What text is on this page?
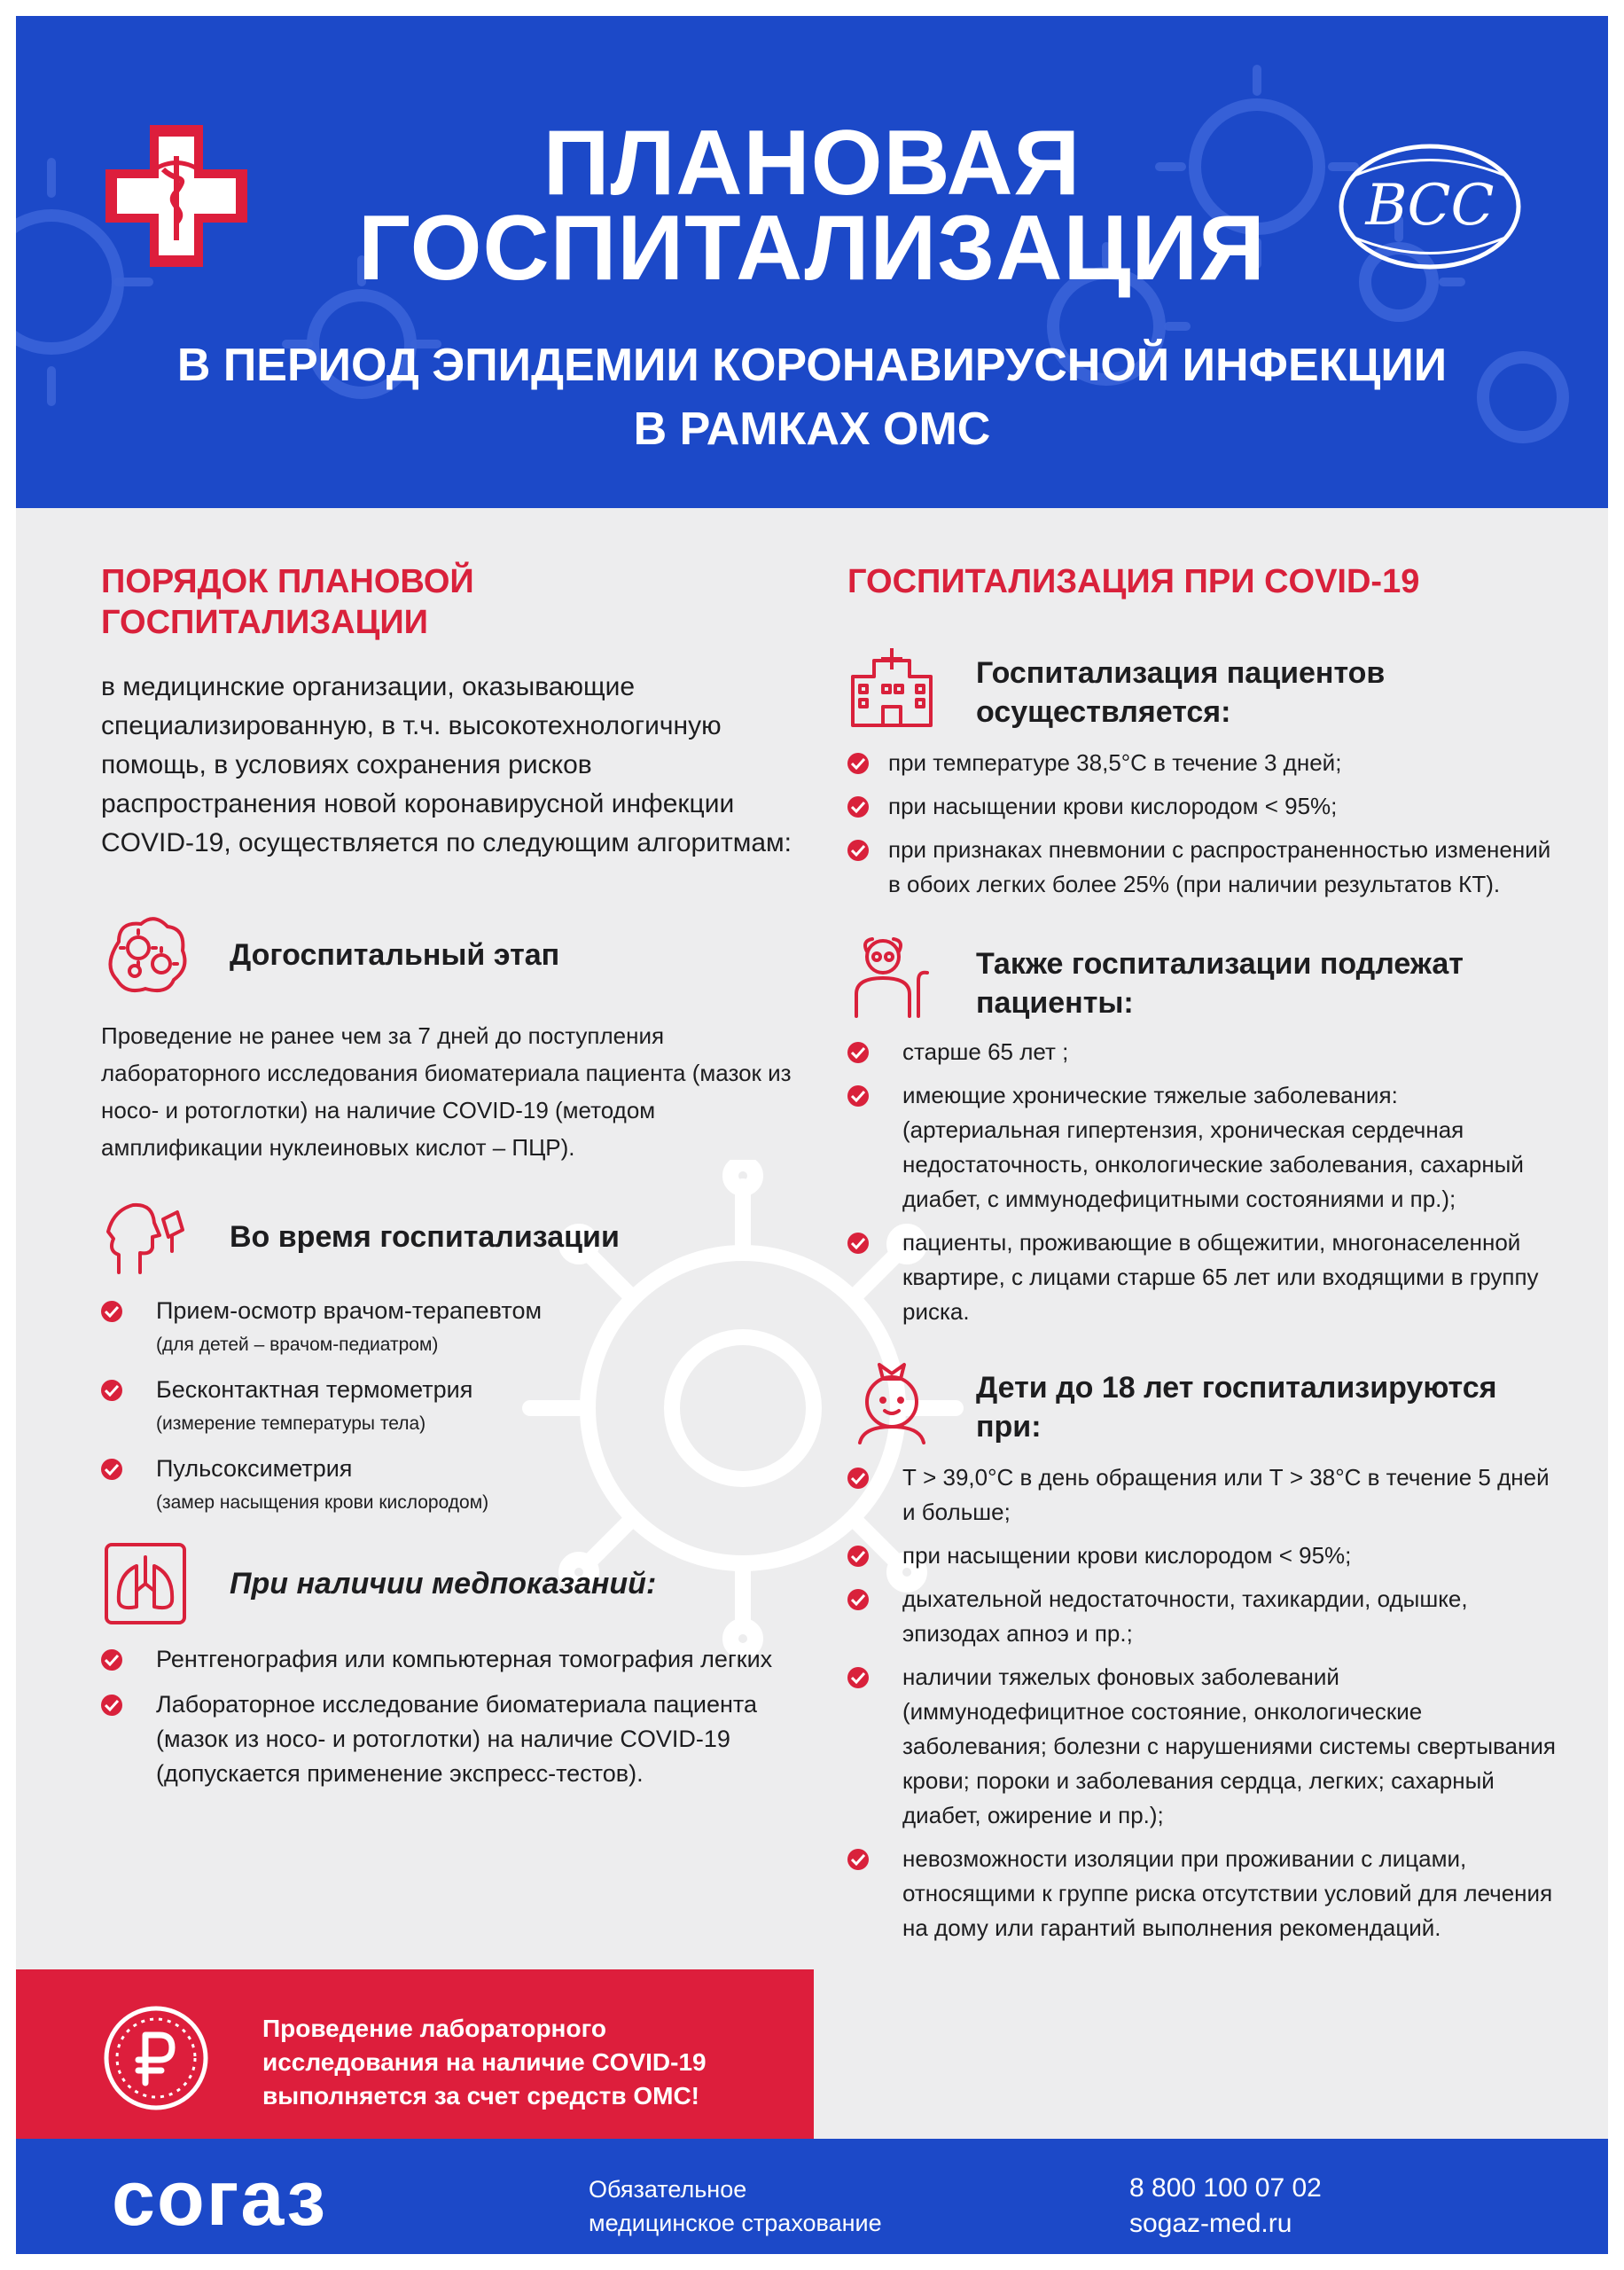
ВСС
ПЛАНОВАЯ
ГОСПИТАЛИЗАЦИЯ
В ПЕРИОД ЭПИДЕМИИ КОРОНАВИРУСНОЙ ИНФЕКЦИИ
В РАМКАХ ОМС
ПОРЯДОК ПЛАНОВОЙ
ГОСПИТАЛИЗАЦИИ
в медицинские организации, оказывающие специализированную, в т.ч. высокотехнологичную помощь, в условиях сохранения рисков распространения новой коронавирусной инфекции COVID-19, осуществляется по следующим алгоритмам:
Догоспитальный этап
Проведение не ранее чем за 7 дней до поступления лабораторного исследования биоматериала пациента (мазок из носо- и ротоглотки) на наличие COVID-19 (методом амплификации нуклеиновых кислот – ПЦР).
Во время госпитализации
Прием-осмотр врачом-терапевтом
(для детей – врачом-педиатром)
Бесконтактная термометрия
(измерение температуры тела)
Пульсоксиметрия
(замер насыщения крови кислородом)
При наличии медпоказаний:
Рентгенография или компьютерная томография легких
Лабораторное исследование биоматериала пациента (мазок из носо- и ротоглотки) на наличие COVID-19 (допускается применение экспресс-тестов).
ГОСПИТАЛИЗАЦИЯ ПРИ COVID-19
Госпитализация пациентов осуществляется:
при температуре 38,5°С в течение 3 дней;
при насыщении крови кислородом < 95%;
при признаках пневмонии с распространенностью изменений в обоих легких более 25% (при наличии результатов КТ).
Также госпитализации подлежат пациенты:
старше 65 лет ;
имеющие хронические тяжелые заболевания: (артериальная гипертензия, хроническая сердечная недостаточность, онкологические заболевания, сахарный диабет, с иммунодефицитными состояниями и пр.);
пациенты, проживающие в общежитии, многонаселенной квартире, с лицами старше 65 лет или входящими в группу риска.
Дети до 18 лет госпитализируются при:
Т > 39,0°С в день обращения или Т > 38°С в течение 5 дней и больше;
при насыщении крови кислородом < 95%;
дыхательной недостаточности, тахикардии, одышке, эпизодах апноэ и пр.;
наличии тяжелых фоновых заболеваний (иммунодефицитное состояние, онкологические заболевания; болезни с нарушениями системы свертывания крови; пороки и заболевания сердца, легких; сахарный диабет, ожирение и пр.);
невозможности изоляции при проживании с лицами, относящими к группе риска отсутствии условий для лечения на дому или гарантий выполнения рекомендаций.
Проведение лабораторного исследования на наличие COVID-19 выполняется за счет средств ОМС!
согаз	Обязательное
медицинское страхование
8 800 100 07 02
sogaz-med.ru
